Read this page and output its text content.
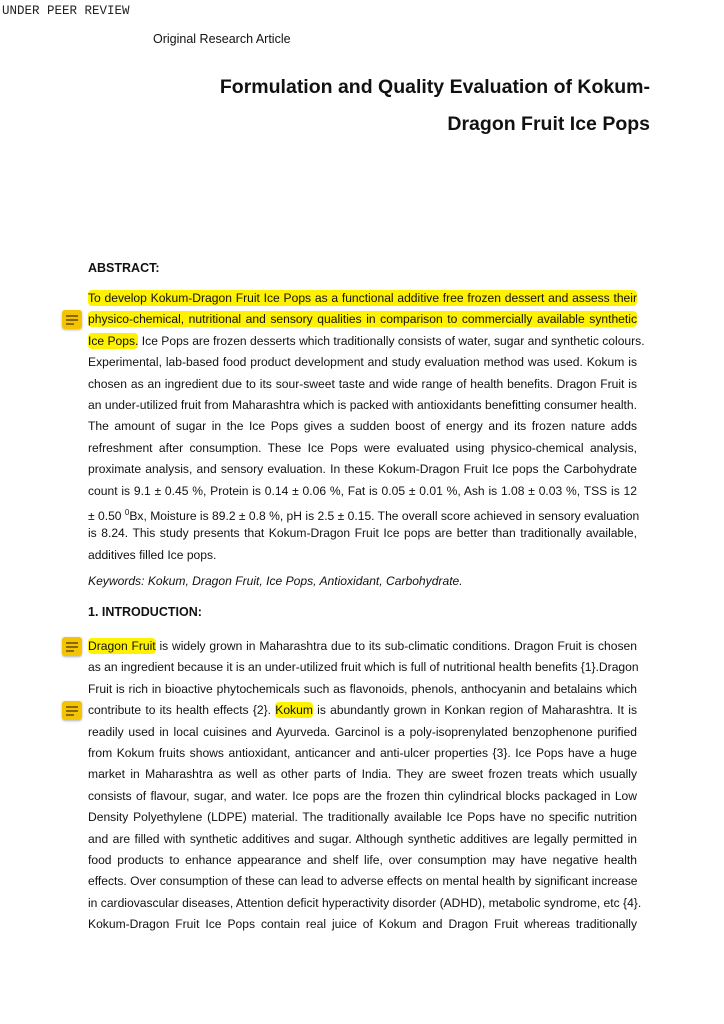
UNDER PEER REVIEW
Original Research Article
Formulation and Quality Evaluation of Kokum-
Dragon Fruit Ice Pops
ABSTRACT:
To develop Kokum-Dragon Fruit Ice Pops as a functional additive free frozen dessert and assess their
physico-chemical, nutritional and sensory qualities in comparison to commercially available synthetic
Ice Pops. Ice Pops are frozen desserts which traditionally consists of water, sugar and synthetic colours.
Experimental, lab-based food product development and study evaluation method was used. Kokum is
chosen as an ingredient due to its sour-sweet taste and wide range of health benefits. Dragon Fruit is
an under-utilized fruit from Maharashtra which is packed with antioxidants benefitting consumer health.
The amount of sugar in the Ice Pops gives a sudden boost of energy and its frozen nature adds
refreshment after consumption. These Ice Pops were evaluated using physico-chemical analysis,
proximate analysis, and sensory evaluation. In these Kokum-Dragon Fruit Ice pops the Carbohydrate
count is 9.1 ± 0.45 %, Protein is 0.14 ± 0.06 %, Fat is 0.05 ± 0.01 %, Ash is 1.08 ± 0.03 %, TSS is 12
± 0.50 $^0$Bx, Moisture is 89.2 ± 0.8 %, pH is 2.5 ± 0.15. The overall score achieved in sensory evaluation
is 8.24. This study presents that Kokum-Dragon Fruit Ice pops are better than traditionally available,
additives filled Ice pops.
Keywords: Kokum, Dragon Fruit, Ice Pops, Antioxidant, Carbohydrate.
1. INTRODUCTION:
Dragon Fruit is widely grown in Maharashtra due to its sub-climatic conditions. Dragon Fruit is chosen
as an ingredient because it is an under-utilized fruit which is full of nutritional health benefits {1}.Dragon
Fruit is rich in bioactive phytochemicals such as flavonoids, phenols, anthocyanin and betalains which
contribute to its health effects {2}. Kokum is abundantly grown in Konkan region of Maharashtra. It is
readily used in local cuisines and Ayurveda. Garcinol is a poly-isoprenylated benzophenone purified
from Kokum fruits shows antioxidant, anticancer and anti-ulcer properties {3}. Ice Pops have a huge
market in Maharashtra as well as other parts of India. They are sweet frozen treats which usually
consists of flavour, sugar, and water. Ice pops are the frozen thin cylindrical blocks packaged in Low
Density Polyethylene (LDPE) material. The traditionally available Ice Pops have no specific nutrition
and are filled with synthetic additives and sugar. Although synthetic additives are legally permitted in
food products to enhance appearance and shelf life, over consumption may have negative health
effects. Over consumption of these can lead to adverse effects on mental health by significant increase
in cardiovascular diseases, Attention deficit hyperactivity disorder (ADHD), metabolic syndrome, etc {4}.
Kokum-Dragon Fruit Ice Pops contain real juice of Kokum and Dragon Fruit whereas traditionally
